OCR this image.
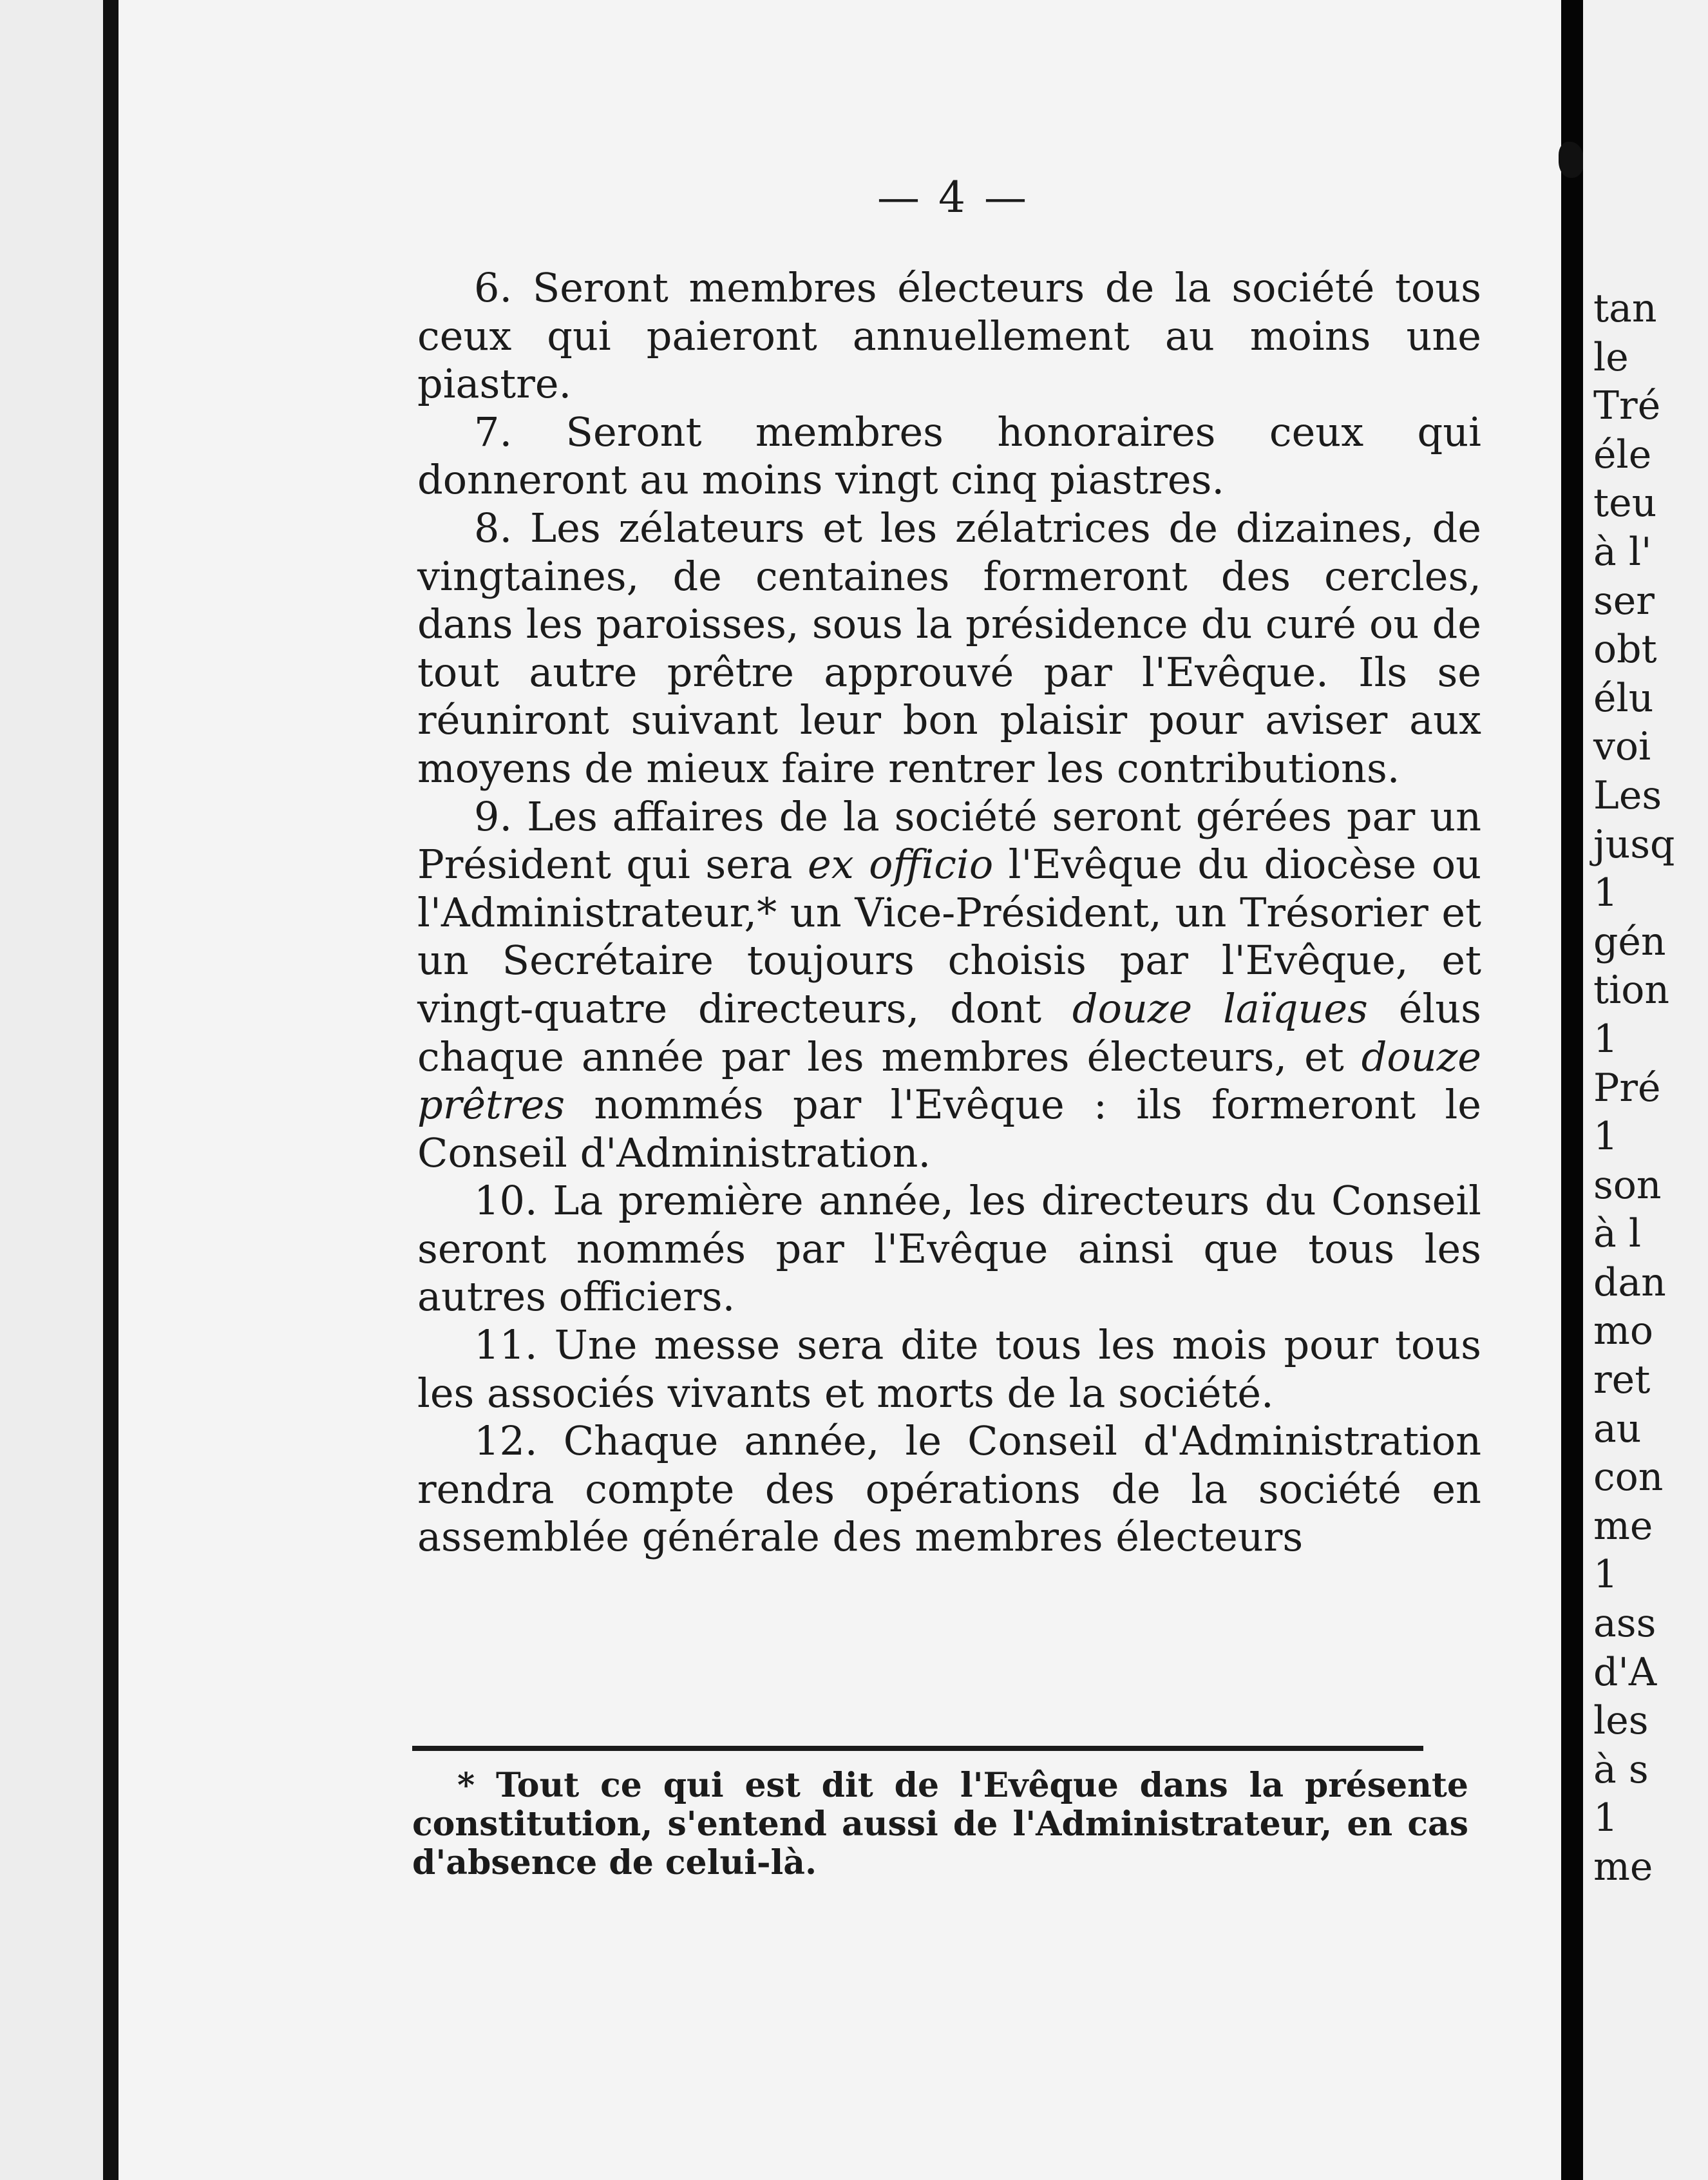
— 4 —

6. Seront membres électeurs de la société tous ceux qui paieront annuellement au moins une piastre.

7. Seront membres honoraires ceux qui donneront au moins vingt cinq piastres.

8. Les zélateurs et les zélatrices de dizaines, de vingtaines, de centaines formeront des cercles, dans les paroisses, sous la présidence du curé ou de tout autre prêtre approuvé par l'Evêque. Ils se réuniront suivant leur bon plaisir pour aviser aux moyens de mieux faire rentrer les contributions.

9. Les affaires de la société seront gérées par un Président qui sera ex officio l'Evêque du diocèse ou l'Administrateur,* un Vice-Président, un Trésorier et un Secrétaire toujours choisis par l'Evêque, et vingt-quatre directeurs, dont douze laïques élus chaque année par les membres électeurs, et douze prêtres nommés par l'Evêque : ils formeront le Conseil d'Administration.

10. La première année, les directeurs du Conseil seront nommés par l'Evêque ainsi que tous les autres officiers.

11. Une messe sera dite tous les mois pour tous les associés vivants et morts de la société.

12. Chaque année, le Conseil d'Administration rendra compte des opérations de la société en assemblée générale des membres électeurs

* Tout ce qui est dit de l'Evêque dans la présente constitution, s'entend aussi de l'Administrateur, en cas d'absence de celui-là.

tan
le
Tré
éle
teu
à l'
ser
obt
élu
voi
Les
jusq
1
gén
tion
1
Pré
1
son
à l
dan
mo
ret
au
con
me
1
ass
d'A
les
à s
1
me
